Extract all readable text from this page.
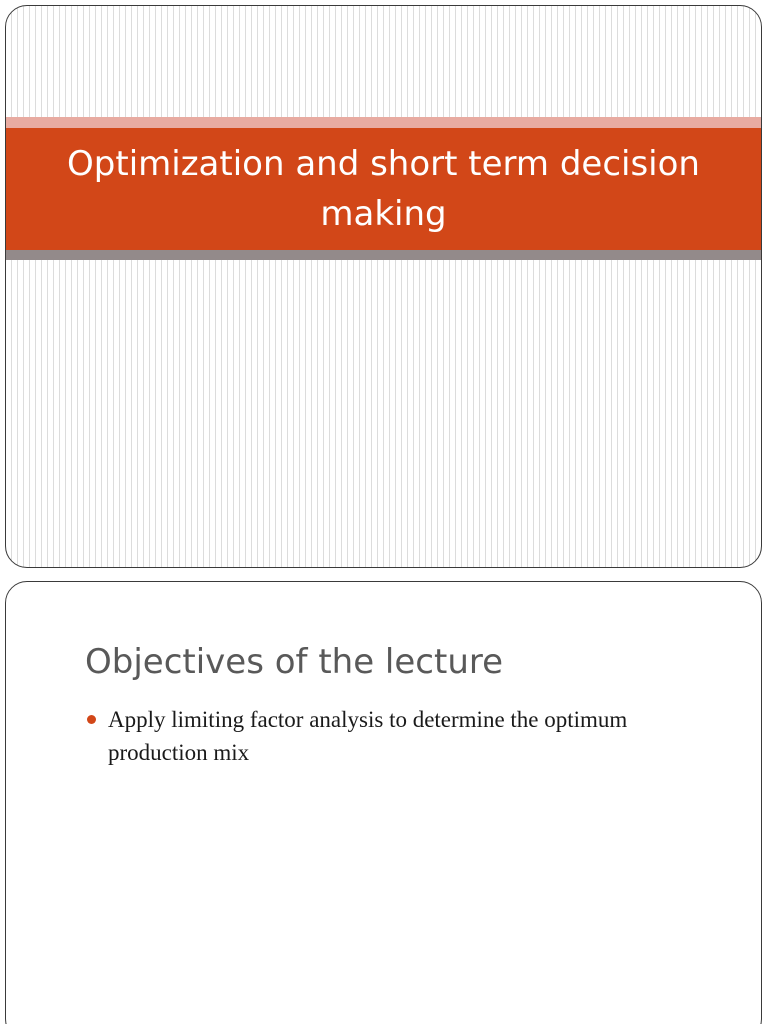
Optimization and short term decision making
Objectives of the lecture
Apply limiting factor analysis to determine the optimum production mix
